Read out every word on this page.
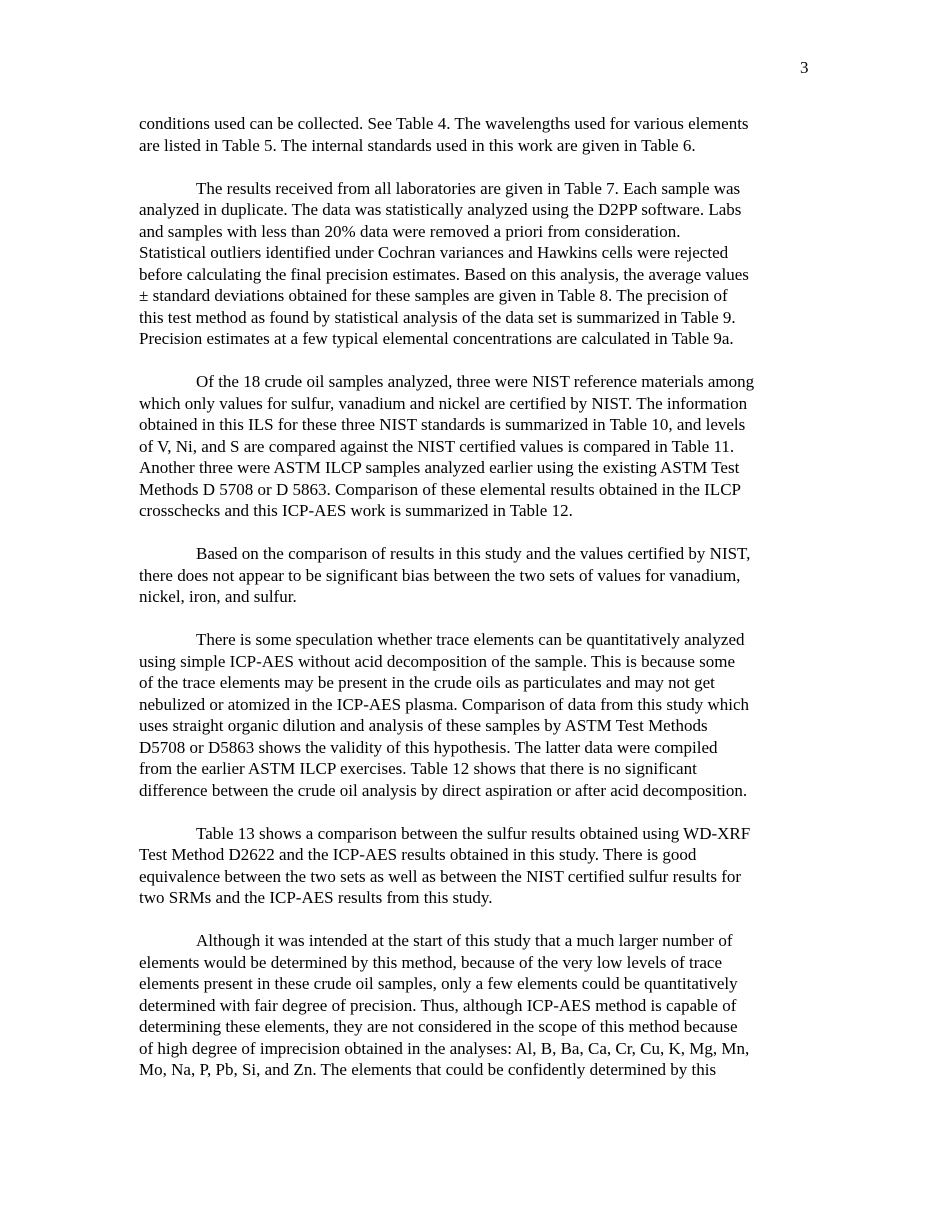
3

conditions used can be collected. See Table 4. The wavelengths used for various elements
are listed in Table 5. The internal standards used in this work are given in Table 6.

The results received from all laboratories are given in Table 7. Each sample was
analyzed in duplicate. The data was statistically analyzed using the D2PP software. Labs
and samples with less than 20% data were removed a priori from consideration.
Statistical outliers identified under Cochran variances and Hawkins cells were rejected
before calculating the final precision estimates. Based on this analysis, the average values
± standard deviations obtained for these samples are given in Table 8. The precision of
this test method as found by statistical analysis of the data set is summarized in Table 9.
Precision estimates at a few typical elemental concentrations are calculated in Table 9a.

Of the 18 crude oil samples analyzed, three were NIST reference materials among
which only values for sulfur, vanadium and nickel are certified by NIST. The information
obtained in this ILS for these three NIST standards is summarized in Table 10, and levels
of V, Ni, and S are compared against the NIST certified values is compared in Table 11.
Another three were ASTM ILCP samples analyzed earlier using the existing ASTM Test
Methods D 5708 or D 5863. Comparison of these elemental results obtained in the ILCP
crosschecks and this ICP-AES work is summarized in Table 12.

Based on the comparison of results in this study and the values certified by NIST,
there does not appear to be significant bias between the two sets of values for vanadium,
nickel, iron, and sulfur.

There is some speculation whether trace elements can be quantitatively analyzed
using simple ICP-AES without acid decomposition of the sample. This is because some
of the trace elements may be present in the crude oils as particulates and may not get
nebulized or atomized in the ICP-AES plasma. Comparison of data from this study which
uses straight organic dilution and analysis of these samples by ASTM Test Methods
D5708 or D5863 shows the validity of this hypothesis. The latter data were compiled
from the earlier ASTM ILCP exercises. Table 12 shows that there is no significant
difference between the crude oil analysis by direct aspiration or after acid decomposition.

Table 13 shows a comparison between the sulfur results obtained using WD-XRF
Test Method D2622 and the ICP-AES results obtained in this study. There is good
equivalence between the two sets as well as between the NIST certified sulfur results for
two SRMs and the ICP-AES results from this study.

Although it was intended at the start of this study that a much larger number of
elements would be determined by this method, because of the very low levels of trace
elements present in these crude oil samples, only a few elements could be quantitatively
determined with fair degree of precision. Thus, although ICP-AES method is capable of
determining these elements, they are not considered in the scope of this method because
of high degree of imprecision obtained in the analyses: Al, B, Ba, Ca, Cr, Cu, K, Mg, Mn,
Mo, Na, P, Pb, Si, and Zn. The elements that could be confidently determined by this
